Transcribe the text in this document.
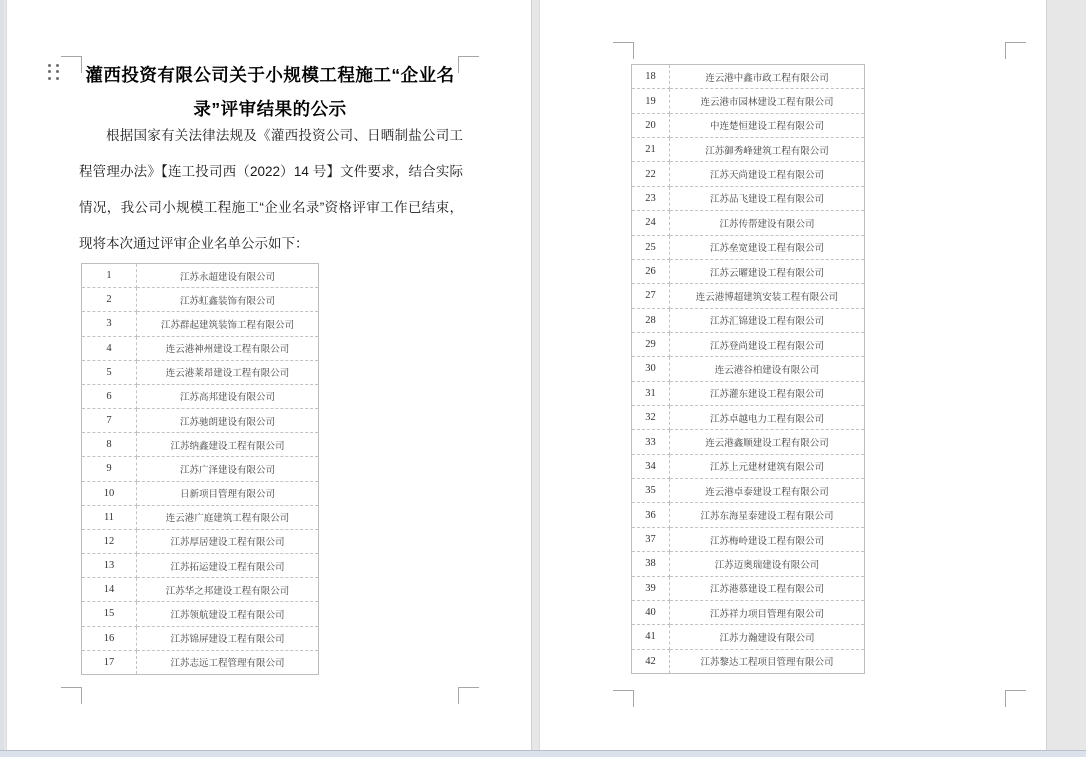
灌西投资有限公司关于小规模工程施工“企业名录”评审结果的公示
根据国家有关法律法规及《灌西投资公司、日晒制盐公司工程管理办法》【连工投司西（2022）14 号】文件要求，结合实际情况，我公司小规模工程施工“企业名录”资格评审工作已结束，现将本次通过评审企业名单公示如下：
1	江苏永超建设有限公司
2	江苏虹鑫装饰有限公司
3	江苏群起建筑装饰工程有限公司
4	连云港神州建设工程有限公司
5	连云港莱昂建设工程有限公司
6	江苏高邦建设有限公司
7	江苏驰朗建设有限公司
8	江苏纳鑫建设工程有限公司
9	江苏广泽建设有限公司
10	日新项目管理有限公司
11	连云港广庭建筑工程有限公司
12	江苏厚居建设工程有限公司
13	江苏拓运建设工程有限公司
14	江苏华之邦建设工程有限公司
15	江苏领航建设工程有限公司
16	江苏锦屏建设工程有限公司
17	江苏志远工程管理有限公司
18	连云港中鑫市政工程有限公司
19	连云港市园林建设工程有限公司
20	中连楚恒建设工程有限公司
21	江苏御秀峰建筑工程有限公司
22	江苏天尚建设工程有限公司
23	江苏品飞建设工程有限公司
24	江苏传帮建设有限公司
25	江苏垒宽建设工程有限公司
26	江苏云曜建设工程有限公司
27	连云港博超建筑安装工程有限公司
28	江苏汇锦建设工程有限公司
29	江苏登尚建设工程有限公司
30	连云港谷柏建设有限公司
31	江苏灌东建设工程有限公司
32	江苏卓越电力工程有限公司
33	连云港鑫顺建设工程有限公司
34	江苏上元建材建筑有限公司
35	连云港卓泰建设工程有限公司
36	江苏东海星泰建设工程有限公司
37	江苏梅岭建设工程有限公司
38	江苏迈奥瑞建设有限公司
39	江苏港慕建设工程有限公司
40	江苏祥力项目管理有限公司
41	江苏力瀚建设有限公司
42	江苏黎达工程项目管理有限公司
